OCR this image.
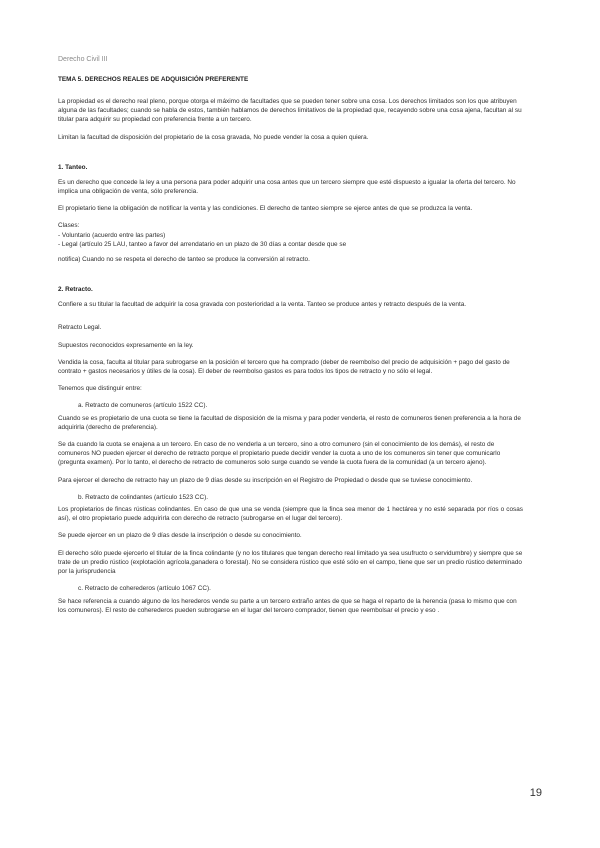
Derecho Civil III
TEMA 5. DERECHOS REALES DE ADQUISICIÓN PREFERENTE

La propiedad es el derecho real pleno, porque otorga el máximo de facultades que se pueden tener sobre una cosa. Los derechos limitados son los que atribuyen alguna de las facultades; cuando se habla de estos, también hablamos de derechos limitativos de la propiedad que, recayendo sobre una cosa ajena, facultan al su titular para adquirir su propiedad con preferencia frente a un tercero.

Limitan la facultad de disposición del propietario de la cosa gravada, No puede vender la cosa a quien quiera.

1. Tanteo.

Es un derecho que concede la ley a una persona para poder adquirir una cosa antes que un tercero siempre que esté dispuesto a igualar la oferta del tercero. No implica una obligación de venta, sólo preferencia.

El propietario tiene la obligación de notificar la venta y las condiciones. El derecho de tanteo siempre se ejerce antes de que se produzca la venta.

Clases:
- Voluntario (acuerdo entre las partes)
- Legal (artículo 25 LAU, tanteo a favor del arrendatario en un plazo de 30 días a contar desde que se

notifica) Cuando no se respeta el derecho de tanteo se produce la conversión al retracto.

2. Retracto.

Confiere a su titular la facultad de adquirir la cosa gravada con posterioridad a la venta. Tanteo se produce antes y retracto después de la venta.

Retracto Legal.

Supuestos reconocidos expresamente en la ley.

Vendida la cosa, faculta al titular para subrogarse en la posición el tercero que ha comprado (deber de reembolso del precio de adquisición + pago del gasto de contrato + gastos necesarios y útiles de la cosa). El deber de reembolso gastos es para todos los tipos de retracto y no sólo el legal.

Tenemos que distinguir entre:

a. Retracto de comuneros (artículo 1522 CC).

Cuando se es propietario de una cuota se tiene la facultad de disposición de la misma y para poder venderla, el resto de comuneros tienen preferencia a la hora de adquirirla (derecho de preferencia).

Se da cuando la cuota se enajena a un tercero. En caso de no venderla a un tercero, sino a otro comunero (sin el conocimiento de los demás), el resto de comuneros NO pueden ejercer el derecho de retracto porque el propietario puede decidir vender la cuota a uno de los comuneros sin tener que comunicarlo (pregunta examen). Por lo tanto, el derecho de retracto de comuneros solo surge cuando se vende la cuota fuera de la comunidad (a un tercero ajeno).

Para ejercer el derecho de retracto hay un plazo de 9 días desde su inscripción en el Registro de Propiedad o desde que se tuviese conocimiento.

b. Retracto de colindantes (artículo 1523 CC).

Los propietarios de fincas rústicas colindantes. En caso de que una se venda (siempre que la finca sea menor de 1 hectárea y no esté separada por ríos o cosas así), el otro propietario puede adquirirla con derecho de retracto (subrogarse en el lugar del tercero).

Se puede ejercer en un plazo de 9 días desde la inscripción o desde su conocimiento.

El derecho sólo puede ejercerlo el titular de la finca colindante (y no los titulares que tengan derecho real limitado ya sea usufructo o servidumbre) y siempre que se trate de un predio rústico (explotación agrícola,ganadera o forestal). No se considera rústico que esté sólo en el campo, tiene que ser un predio rústico determinado por la jurisprudencia

c. Retracto de coherederos (artículo 1067 CC).

Se hace referencia a cuando alguno de los herederos vende su parte a un tercero extraño antes de que se haga el reparto de la herencia (pasa lo mismo que con los comuneros). El resto de coherederos pueden subrogarse en el lugar del tercero comprador, tienen que reembolsar el precio y eso .

19
